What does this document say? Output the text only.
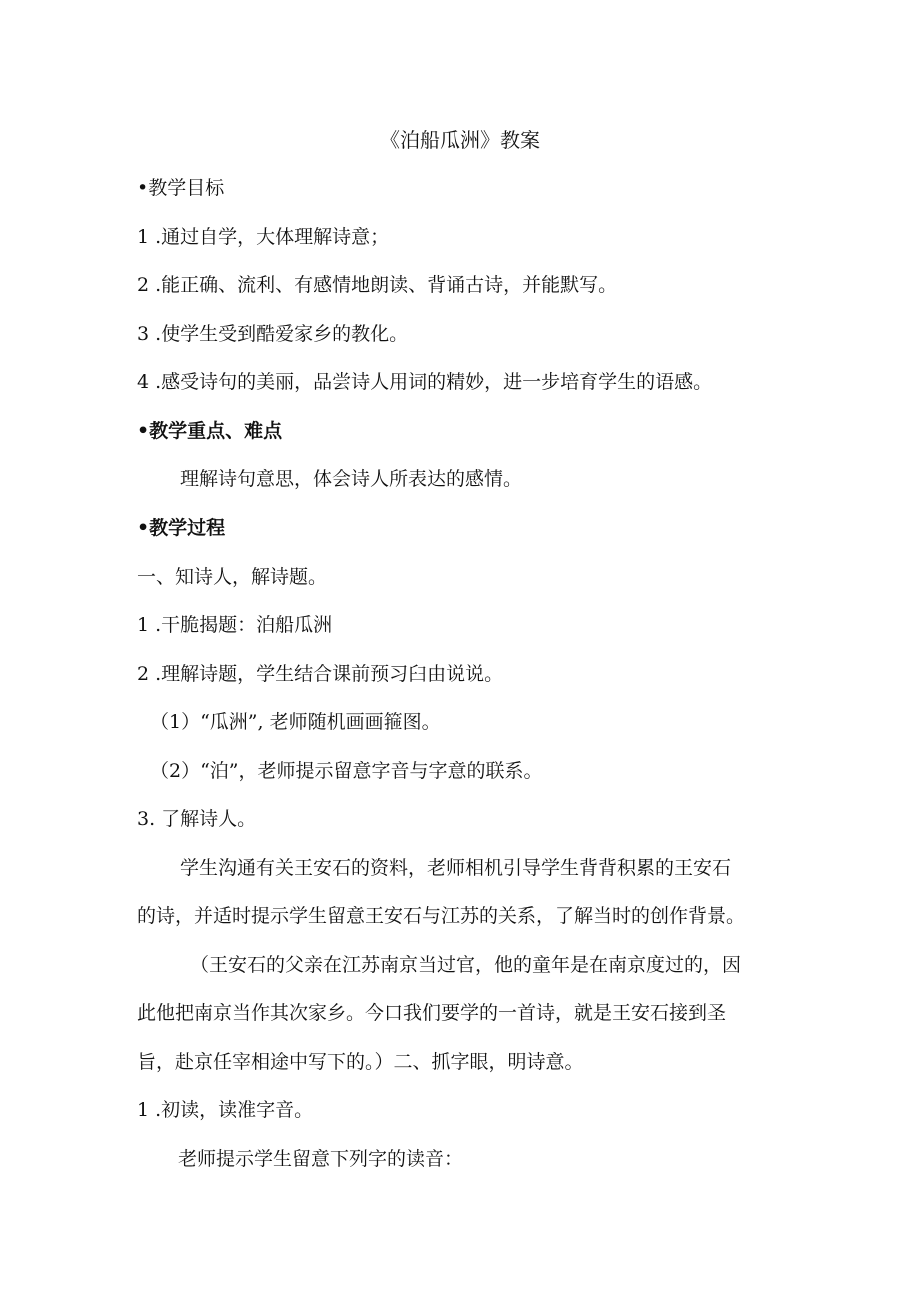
《泊船瓜洲》教案
•教学目标
1 .通过自学，大体理解诗意；
2 .能正确、流利、有感情地朗读、背诵古诗，并能默写。
3 .使学生受到酷爱家乡的教化。
4 .感受诗句的美丽，品尝诗人用词的精妙，进一步培育学生的语感。
•教学重点、难点
理解诗句意思，体会诗人所表达的感情。
•教学过程
一、知诗人，解诗题。
1 .干脆揭题：泊船瓜洲
2 .理解诗题，学生结合课前预习臼由说说。
（1）“瓜洲”, 老师随机画画箍图。
（2）“泊”，老师提示留意字音与字意的联系。
3. 了解诗人。
学生沟通有关王安石的资料，老师相机引导学生背背积累的王安石
的诗，并适时提示学生留意王安石与江苏的关系，了解当时的创作背景。
（王安石的父亲在江苏南京当过官，他的童年是在南京度过的，因
此他把南京当作其次家乡。今口我们要学的一首诗，就是王安石接到圣
旨，赴京任宰相途中写下的。）二、抓字眼，明诗意。
1 .初读，读准字音。
老师提示学生留意下列字的读音：
